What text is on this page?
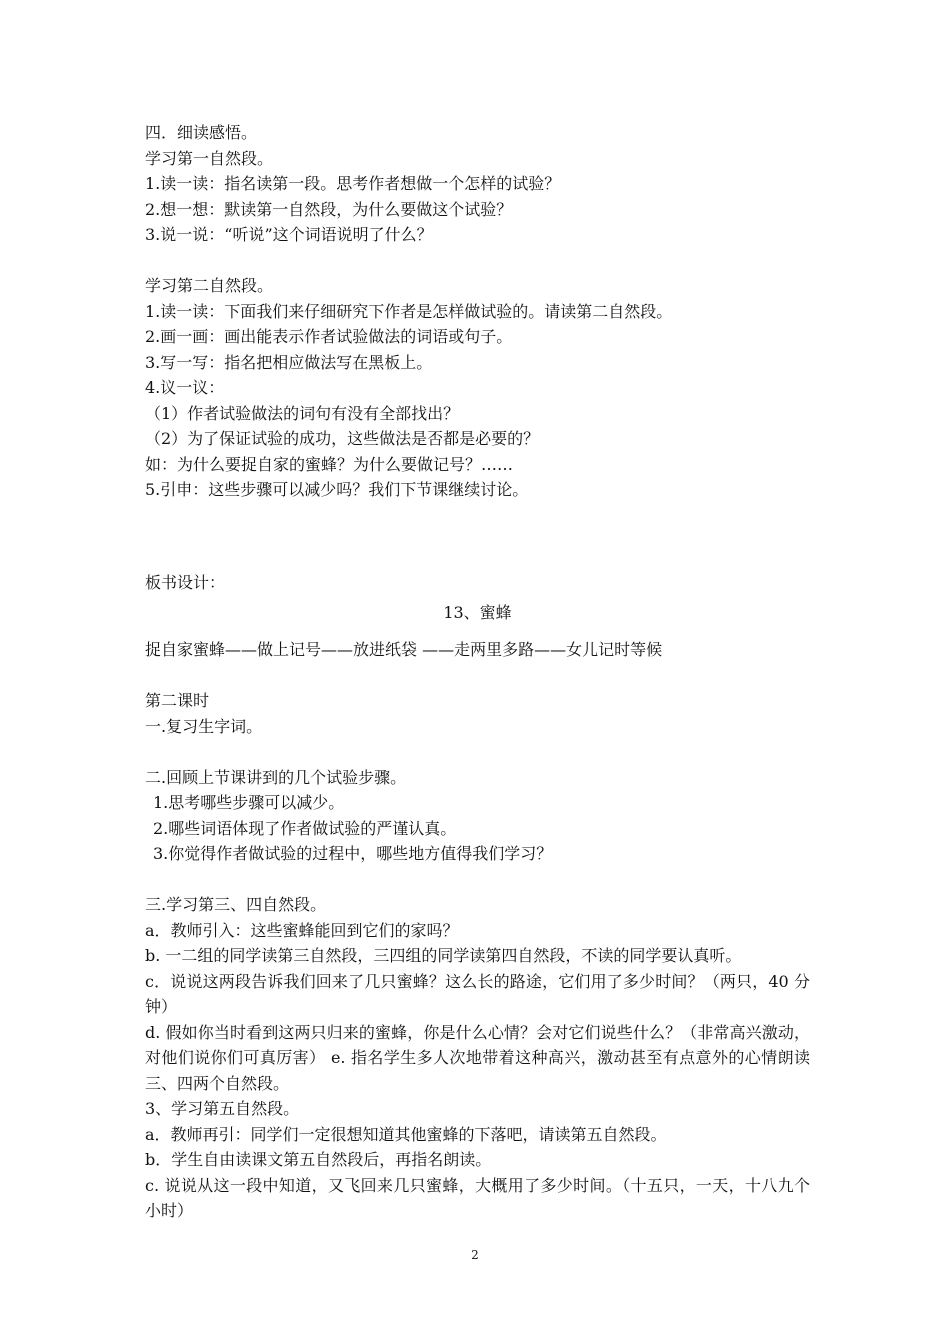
四．细读感悟。

学习第一自然段。

1.读一读：指名读第一段。思考作者想做一个怎样的试验？

2.想一想：默读第一自然段，为什么要做这个试验？

3.说一说：“听说”这个词语说明了什么？

学习第二自然段。

1.读一读：下面我们来仔细研究下作者是怎样做试验的。请读第二自然段。

2.画一画：画出能表示作者试验做法的词语或句子。

3.写一写：指名把相应做法写在黑板上。

4.议一议：

（1）作者试验做法的词句有没有全部找出？

（2）为了保证试验的成功，这些做法是否都是必要的？

如：为什么要捉自家的蜜蜂？为什么要做记号？……

5.引申：这些步骤可以减少吗？我们下节课继续讨论。

板书设计：

13、蜜蜂

捉自家蜜蜂——做上记号——放进纸袋 ——走两里多路——女儿记时等候

第二课时

一.复习生字词。

二.回顾上节课讲到的几个试验步骤。

1.思考哪些步骤可以减少。

2.哪些词语体现了作者做试验的严谨认真。

3.你觉得作者做试验的过程中，哪些地方值得我们学习？

三.学习第三、四自然段。

a．教师引入：这些蜜蜂能回到它们的家吗？

b. 一二组的同学读第三自然段，三四组的同学读第四自然段，不读的同学要认真听。

c．说说这两段告诉我们回来了几只蜜蜂？这么长的路途，它们用了多少时间？（两只，40 分钟）

d. 假如你当时看到这两只归来的蜜蜂，你是什么心情？会对它们说些什么？（非常高兴激动，对他们说你们可真厉害） e. 指名学生多人次地带着这种高兴，激动甚至有点意外的心情朗读三、四两个自然段。

3、学习第五自然段。

a．教师再引：同学们一定很想知道其他蜜蜂的下落吧，请读第五自然段。

b．学生自由读课文第五自然段后，再指名朗读。

c. 说说从这一段中知道，又飞回来几只蜜蜂，大概用了多少时间。（十五只，一天，十八九个小时）

2
